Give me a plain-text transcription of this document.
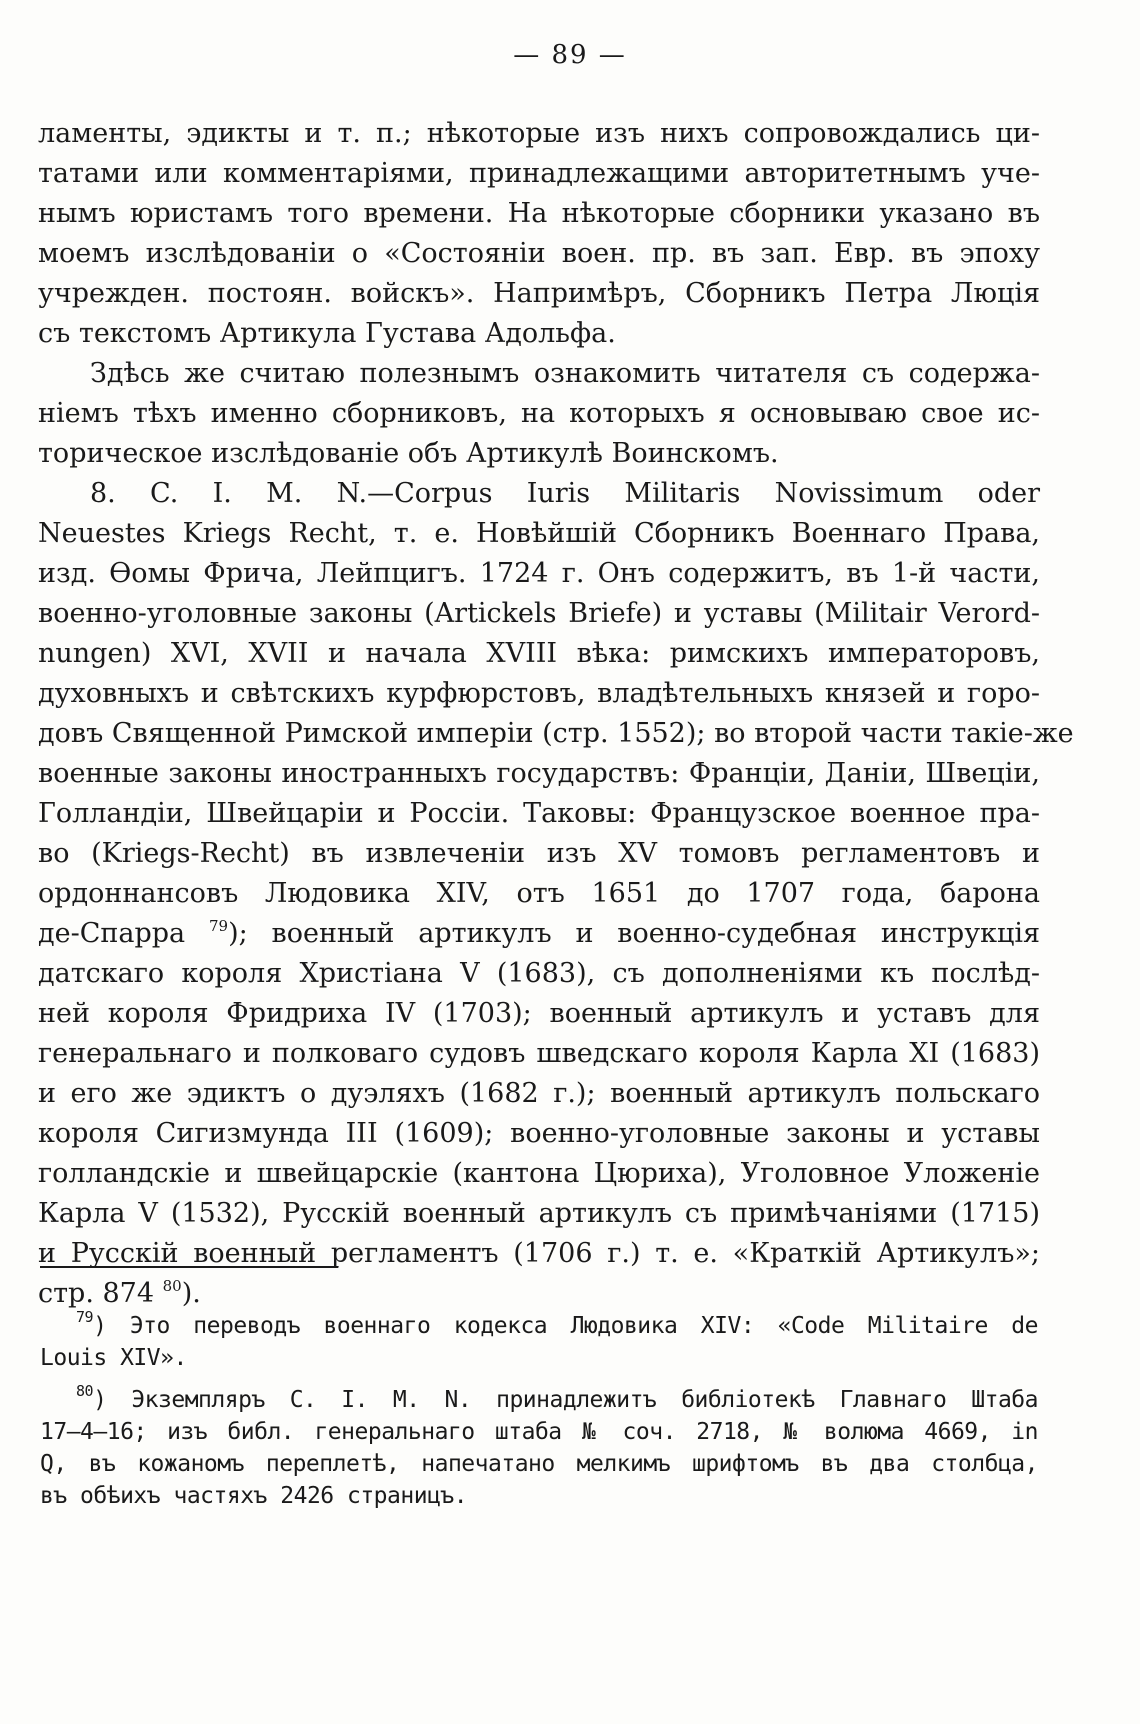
— 89 —
ламенты, эдикты и т. п.; нѣкоторые изъ нихъ сопровождались ци-
татами или комментаріями, принадлежащими авторитетнымъ уче-
нымъ юристамъ того времени. На нѣкоторые сборники указано въ
моемъ изслѣдованіи о «Состояніи воен. пр. въ зап. Евр. въ эпоху
учрежден. постоян. войскъ». Напримѣръ, Сборникъ Петра Люція
съ текстомъ Артикула Густава Адольфа.
Здѣсь же считаю полезнымъ ознакомить читателя съ содержа-
ніемъ тѣхъ именно сборниковъ, на которыхъ я основываю свое ис-
торическое изслѣдованіе объ Артикулѣ Воинскомъ.
8. C. I. M. N.—Corpus Iuris Militaris Novissimum oder
Neuestes Kriegs Recht, т. е. Новѣйшій Сборникъ Военнаго Права,
изд. Ѳомы Фрича, Лейпцигъ. 1724 г. Онъ содержитъ, въ 1-й части,
военно-уголовные законы (Artickels Briefe) и уставы (Militair Verord-
nungen) XVI, XVII и начала XVIII вѣка: римскихъ императоровъ,
духовныхъ и свѣтскихъ курфюрстовъ, владѣтельныхъ князей и горо-
довъ Священной Римской имперіи (стр. 1552); во второй части такіе-же
военные законы иностранныхъ государствъ: Франціи, Даніи, Швеціи,
Голландіи, Швейцаріи и Россіи. Таковы: Французское военное пра-
во (Kriegs-Recht) въ извлеченіи изъ XV томовъ регламентовъ и
ордоннансовъ Людовика XIV, отъ 1651 до 1707 года, барона
де-Спарра $^{79}$); военный артикулъ и военно-судебная инструкція
датскаго короля Христіана V (1683), съ дополненіями къ послѣд-
ней короля Фридриха IV (1703); военный артикулъ и уставъ для
генеральнаго и полковаго судовъ шведскаго короля Карла XI (1683)
и его же эдиктъ о дуэляхъ (1682 г.); военный артикулъ польскаго
короля Сигизмунда III (1609); военно-уголовные законы и уставы
голландскіе и швейцарскіе (кантона Цюриха), Уголовное Уложеніе
Карла V (1532), Русскій военный артикулъ съ примѣчаніями (1715)
и Русскій военный регламентъ (1706 г.) т. е. «Краткій Артикулъ»;
стр. 874 $^{80}$).
$^{79}$) Это переводъ военнаго кодекса Людовика XIV: «Code Militaire de
Louis XIV».
$^{80}$) Экземпляръ C. I. M. N. принадлежитъ библіотекѣ Главнаго Штаба
17—4—16; изъ библ. генеральнаго штаба № соч. 2718, № волюма 4669, in
Q, въ кожаномъ переплетѣ, напечатано мелкимъ шрифтомъ въ два столбца,
въ обѣихъ частяхъ 2426 страницъ.
